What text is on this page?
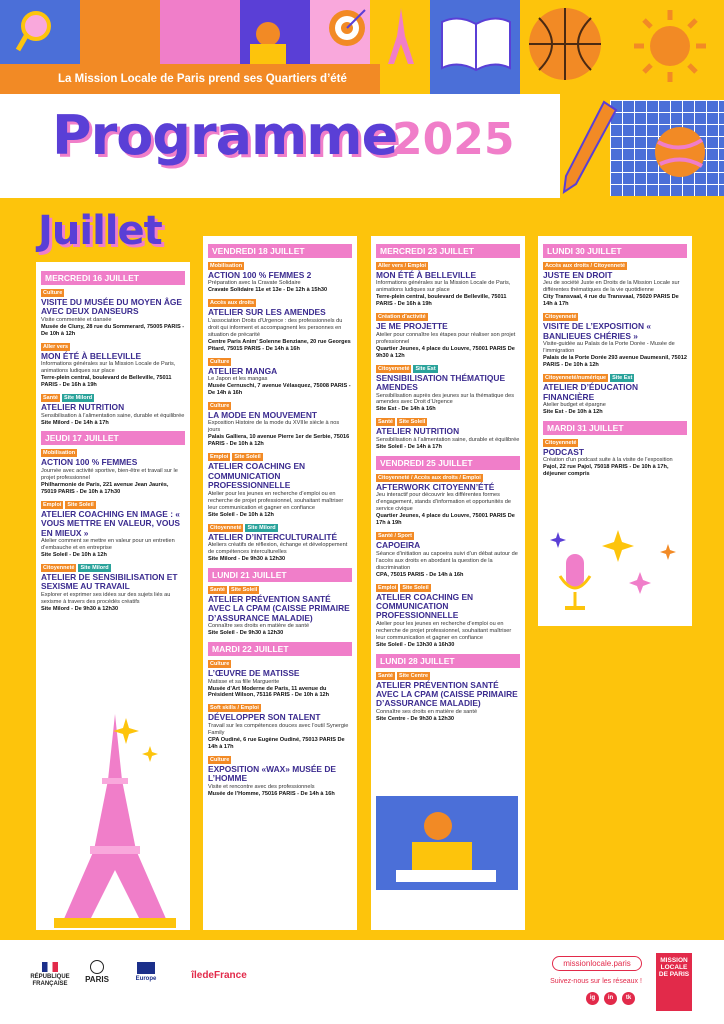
La Mission Locale de Paris prend ses Quartiers d’été
Programme
2025
MERCREDI 16 JUILLET
Culture
VISITE DU MUSÉE DU MOYEN ÂGE AVEC DEUX DANSEURS
Visite commentée et dansée
Musée de Cluny, 28 rue du Sommerard, 75005 PARIS - De 10h à 12h
Aller vers
MON ÉTÉ À BELLEVILLE
Informations générales sur la Mission Locale de Paris, animations ludiques sur place
Terre-plein central, boulevard de Belleville, 75011 PARIS - De 16h à 19h
Santé	Site Milord
ATELIER NUTRITION
Sensibilisation à l’alimentation saine, durable et équilibrée
Site Milord - De 14h à 17h
JEUDI 17 JUILLET
Mobilisation
ACTION 100 % FEMMES
Journée avec activité sportive, bien-être et travail sur le projet professionnel
Philharmonie de Paris, 221 avenue Jean Jaurès, 75019 PARIS - De 10h à 17h30
Emploi	Site Soleil
ATELIER COACHING EN IMAGE : « VOUS METTRE EN VALEUR, VOUS EN MIEUX »
Atelier comment se mettre en valeur pour un entretien d’embauche et en entreprise
Site Soleil - De 10h à 12h
Citoyenneté	Site Milord
ATELIER DE SENSIBILISATION ET SEXISME AU TRAVAIL
Explorer et exprimer ses idées sur des sujets liés au sexisme à travers des procédés créatifs
Site Milord - De 9h30 à 12h30
VENDREDI 18 JUILLET
Mobilisation
ACTION 100 % FEMMES 2
Préparation avec la Cravate Solidaire
Cravate Solidaire 11e et 13e - De 12h à 15h30
Accès aux droits
ATELIER SUR LES AMENDES
L’association Droits d’Urgence : des professionnels du droit qui informent et accompagnent les personnes en situation de précarité
Centre Paris Anim’ Solenne Benziane, 20 rue Georges Pitard, 75015 PARIS - De 14h à 16h
Culture
ATELIER MANGA
Le Japon et les mangas
Musée Cernuschi, 7 avenue Vélasquez, 75008 PARIS - De 14h à 16h
Culture
LA MODE EN MOUVEMENT
Exposition Histoire de la mode du XVIIIe siècle à nos jours
Palais Galliera, 10 avenue Pierre 1er de Serbie, 75016 PARIS - De 10h à 12h
Emploi	Site Soleil
ATELIER COACHING EN COMMUNICATION PROFESSIONNELLE
Atelier pour les jeunes en recherche d’emploi ou en recherche de projet professionnel, souhaitant maîtriser leur communication et gagner en confiance
Site Soleil - De 10h à 12h
Citoyenneté	Site Milord
ATELIER D’INTERCULTURALITÉ
Ateliers créatifs de réflexion, échange et développement de compétences interculturelles
Site Milord - De 9h30 à 12h30
LUNDI 21 JUILLET
Santé	Site Soleil
ATELIER PRÉVENTION SANTÉ AVEC LA CPAM (CAISSE PRIMAIRE D’ASSURANCE MALADIE)
Connaître ses droits en matière de santé
Site Soleil - De 9h30 à 12h30
MARDI 22 JUILLET
Culture
L’ŒUVRE DE MATISSE
Matisse et sa fille Marguerite
Musée d’Art Moderne de Paris, 11 avenue du Président Wilson, 75116 PARIS - De 10h à 12h
Soft skills / Emploi
DÉVELOPPER SON TALENT
Travail sur les compétences douces avec l’outil Synergie Family
CPA Oudiné, 6 rue Eugène Oudiné, 75013 PARIS De 14h à 17h
Culture
EXPOSITION «WAX» MUSÉE DE L’HOMME
Visite et rencontre avec des professionnels
Musée de l’Homme, 75016 PARIS - De 14h à 16h
MERCREDI 23 JUILLET
Aller vers / Emploi
MON ÉTÉ À BELLEVILLE
Informations générales sur la Mission Locale de Paris, animations ludiques sur place
Terre-plein central, boulevard de Belleville, 75011 PARIS - De 16h à 19h
Création d’activité
JE ME PROJETTE
Atelier pour connaître les étapes pour réaliser son projet professionnel
Quartier Jeunes, 4 place du Louvre, 75001 PARIS De 9h30 à 12h
Citoyenneté	Site Est
SENSIBILISATION THÉMATIQUE AMENDES
Sensibilisation auprès des jeunes sur la thématique des amendes avec Droit d’Urgence
Site Est - De 14h à 16h
Santé	Site Soleil
ATELIER NUTRITION
Sensibilisation à l’alimentation saine, durable et équilibrée
Site Soleil - De 14h à 17h
VENDREDI 25 JUILLET
Citoyenneté / Accès aux droits / Emploi
AFTERWORK CITOYENN’ÉTÉ
Jeu interactif pour découvrir les différentes formes d’engagement, stands d’information et opportunités de service civique
Quartier Jeunes, 4 place du Louvre, 75001 PARIS De 17h à 19h
Santé / Sport
CAPOEIRA
Séance d’initiation au capoeira suivi d’un débat autour de l’accès aux droits en abordant la question de la discrimination
CPA, 75015 PARIS - De 14h à 16h
Emploi	Site Soleil
ATELIER COACHING EN COMMUNICATION PROFESSIONNELLE
Atelier pour les jeunes en recherche d’emploi ou en recherche de projet professionnel, souhaitant maîtriser leur communication et gagner en confiance
Site Soleil - De 13h30 à 16h30
LUNDI 28 JUILLET
Santé	Site Centre
ATELIER PRÉVENTION SANTÉ AVEC LA CPAM (CAISSE PRIMAIRE D’ASSURANCE MALADIE)
Connaître ses droits en matière de santé
Site Centre - De 9h30 à 12h30
LUNDI 30 JUILLET
Accès aux droits / Citoyenneté
JUSTE EN DROIT
Jeu de société Juste en Droits de la Mission Locale sur différentes thématiques de la vie quotidienne
City Transvaal, 4 rue du Transvaal, 75020 PARIS De 14h à 17h
Citoyenneté
VISITE DE L’EXPOSITION « BANLIEUES CHÉRIES »
Visite-guidée au Palais de la Porte Dorée - Musée de l’immigration
Palais de la Porte Dorée 293 avenue Daumesnil, 75012 PARIS - De 10h à 12h
Citoyenneté/numérique	Site Est
ATELIER D’ÉDUCATION FINANCIÈRE
Atelier budget et épargne
Site Est - De 10h à 12h
MARDI 31 JUILLET
Citoyenneté
PODCAST
Création d’un podcast suite à la visite de l’exposition
Pajol, 22 rue Pajol, 75018 PARIS - De 10h à 17h, déjeuner compris
Juillet
RÉPUBLIQUE FRANÇAISE	PARIS	Europe	îledeFrance
missionlocale.paris
Suivez-nous sur les réseaux !
ig	in	tk
MISSION LOCALE DE PARIS
